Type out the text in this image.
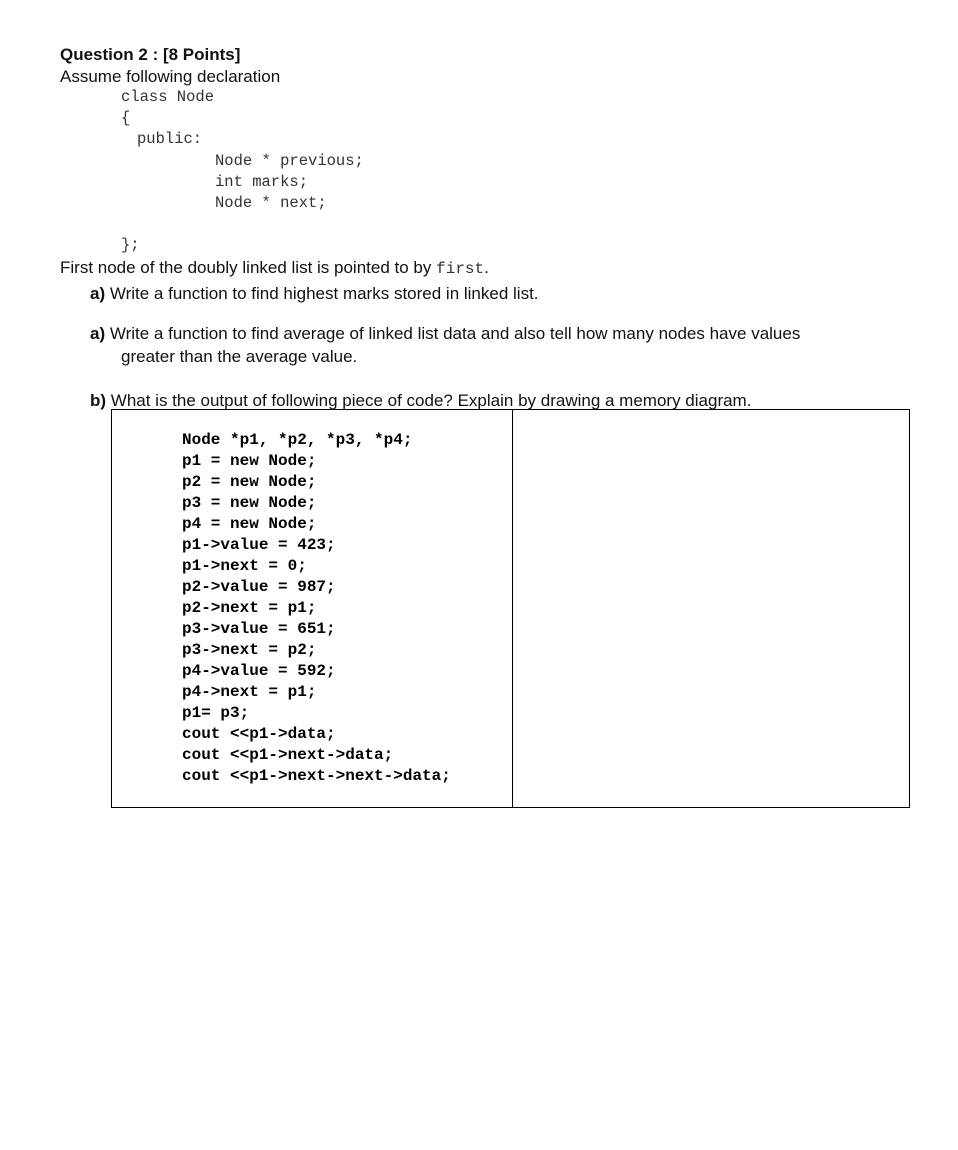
Question 2 : [8 Points]
Assume following declaration
class Node
{
public:
Node * previous;
int marks;
Node * next;
};
First node of the doubly linked list is pointed to by first.
a) Write a function to find highest marks stored in linked list.
a) Write a function to find average of linked list data and also tell how many nodes have values
greater than the average value.
b) What is the output of following piece of code? Explain by drawing a memory diagram.
Node *p1, *p2, *p3, *p4;
p1 = new Node;
p2 = new Node;
p3 = new Node;
p4 = new Node;
p1->value = 423;
p1->next = 0;
p2->value = 987;
p2->next = p1;
p3->value = 651;
p3->next = p2;
p4->value = 592;
p4->next = p1;
p1= p3;
cout <<p1->data;
cout <<p1->next->data;
cout <<p1->next->next->data;
